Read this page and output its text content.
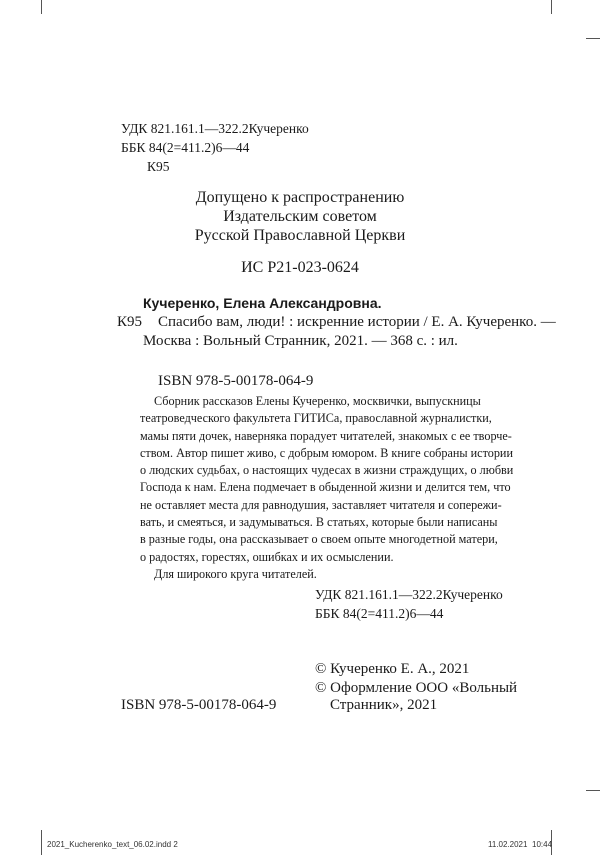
УДК 821.161.1—322.2Кучеренко
ББК 84(2=411.2)6—44
К95
Допущено к распространению
Издательским советом
Русской Православной Церкви
ИС Р21-023-0624
Кучеренко, Елена Александровна.
К95 Спасибо вам, люди! : искренние истории / Е. А. Кучеренко. —
Москва : Вольный Странник, 2021. — 368 с. : ил.
ISBN 978-5-00178-064-9
Сборник рассказов Елены Кучеренко, москвички, выпускницы
театроведческого факультета ГИТИСа, православной журналистки,
мамы пяти дочек, наверняка порадует читателей, знакомых с ее творче-
ством. Автор пишет живо, с добрым юмором. В книге собраны истории
о людских судьбах, о настоящих чудесах в жизни страждущих, о любви
Господа к нам. Елена подмечает в обыденной жизни и делится тем, что
не оставляет места для равнодушия, заставляет читателя и сопережи-
вать, и смеяться, и задумываться. В статьях, которые были написаны
в разные годы, она рассказывает о своем опыте многодетной матери,
о радостях, горестях, ошибках и их осмыслении.
Для широкого круга читателей.
УДК 821.161.1—322.2Кучеренко
ББК 84(2=411.2)6—44
ISBN 978-5-00178-064-9
© Кучеренко Е. А., 2021
© Оформление ООО «Вольный
Странник», 2021
2021_Kucherenko_text_06.02.indd 2	11.02.2021 10:44
